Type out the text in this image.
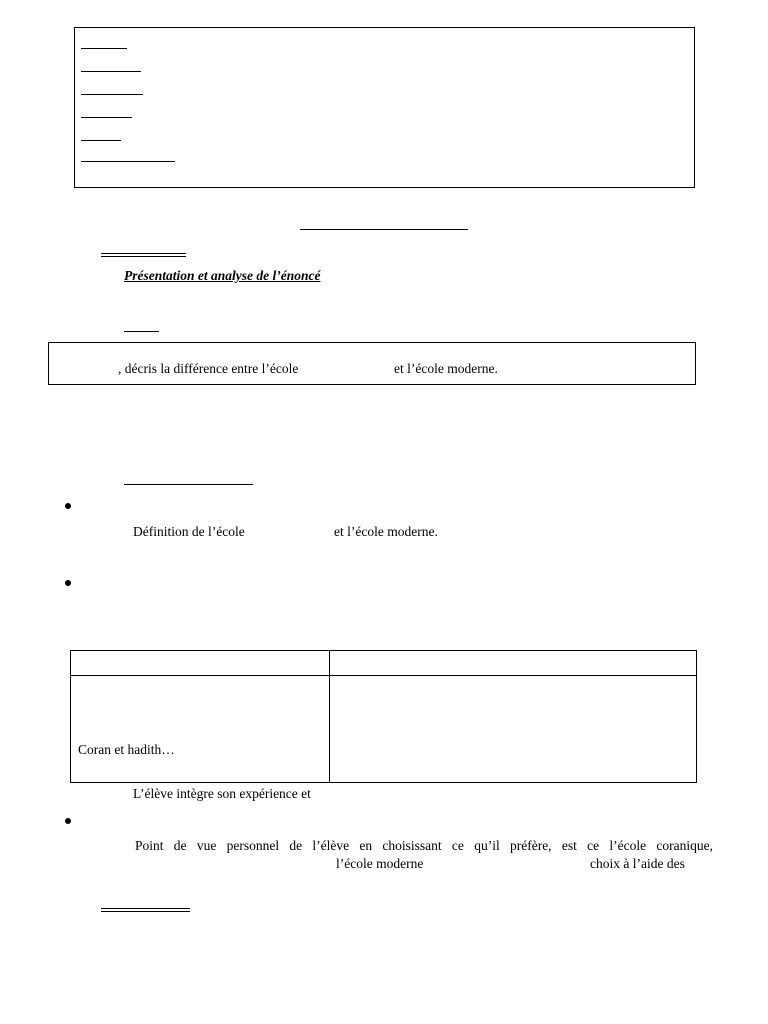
Présentation et analyse de l’énoncé
, décris la différence entre l’école	et l’école moderne.
Définition de l’école	et l’école moderne.

Coran et hadith…	

L’élève intègre son expérience et
Point de vue personnel de l’élève en choisissant ce qu’il préfère, est ce l’école coranique,
l’école moderne	choix à l’aide des
